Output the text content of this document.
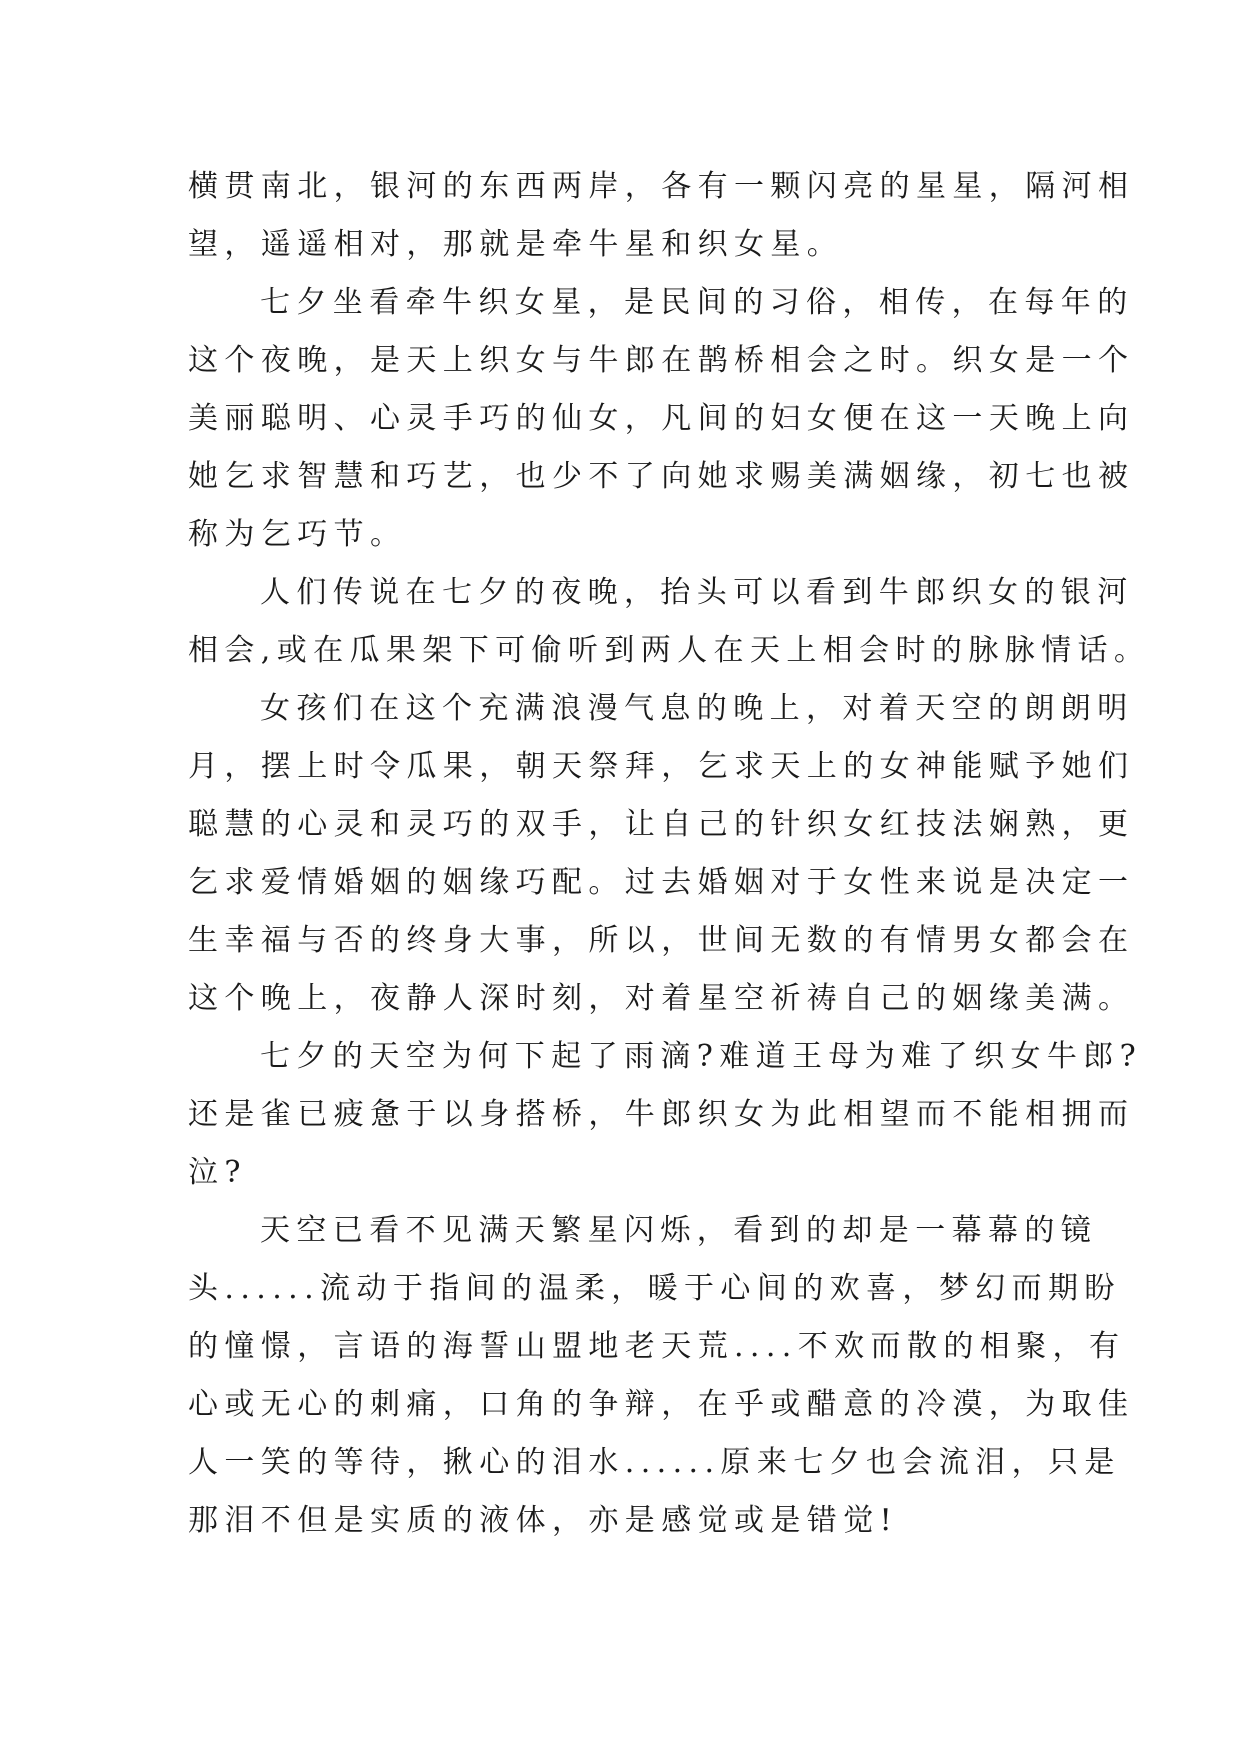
横贯南北，银河的东西两岸，各有一颗闪亮的星星，隔河相
望，遥遥相对，那就是牵牛星和织女星。
七夕坐看牵牛织女星，是民间的习俗，相传，在每年的
这个夜晚，是天上织女与牛郎在鹊桥相会之时。织女是一个
美丽聪明、心灵手巧的仙女，凡间的妇女便在这一天晚上向
她乞求智慧和巧艺，也少不了向她求赐美满姻缘，初七也被
称为乞巧节。
人们传说在七夕的夜晚，抬头可以看到牛郎织女的银河
相会,或在瓜果架下可偷听到两人在天上相会时的脉脉情话。
女孩们在这个充满浪漫气息的晚上，对着天空的朗朗明
月，摆上时令瓜果，朝天祭拜，乞求天上的女神能赋予她们
聪慧的心灵和灵巧的双手，让自己的针织女红技法娴熟，更
乞求爱情婚姻的姻缘巧配。过去婚姻对于女性来说是决定一
生幸福与否的终身大事，所以，世间无数的有情男女都会在
这个晚上，夜静人深时刻，对着星空祈祷自己的姻缘美满。
七夕的天空为何下起了雨滴?难道王母为难了织女牛郎?
还是雀已疲惫于以身搭桥，牛郎织女为此相望而不能相拥而
泣?
天空已看不见满天繁星闪烁，看到的却是一幕幕的镜
头......流动于指间的温柔，暖于心间的欢喜，梦幻而期盼
的憧憬，言语的海誓山盟地老天荒....不欢而散的相聚，有
心或无心的刺痛，口角的争辩，在乎或醋意的冷漠，为取佳
人一笑的等待，揪心的泪水......原来七夕也会流泪，只是
那泪不但是实质的液体，亦是感觉或是错觉!
